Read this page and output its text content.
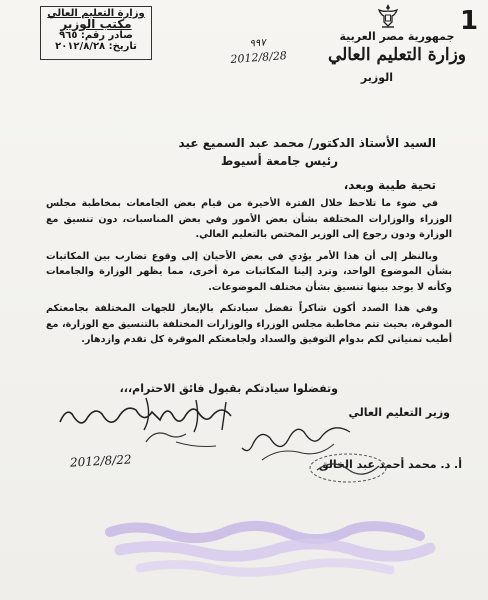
1
جمهورية مصر العربية
وزارة التعليم العالي
الوزير
وزارة التعليم العالي
مكتب الوزير
صادر رقم: ٩٦٥
تاريخ: ٢٠١٢/٨/٢٨	٩٩٧
2012/8/28
السيد الأستاذ الدكتور/ محمد عبد السميع عيد
رئيس جامعة أسيوط
تحية طيبة وبعد،

في ضوء ما تلاحظ خلال الفترة الأخيرة من قيام بعض الجامعات بمخاطبة مجلس الوزراء والوزارات المختلفة بشأن بعض الأمور وفي بعض المناسبات، دون تنسيق مع الوزارة ودون رجوع إلى الوزير المختص بالتعليم العالي.

وبالنظر إلى أن هذا الأمر يؤدي في بعض الأحيان إلى وقوع تضارب بين المكاتبات بشأن الموضوع الواحد، وترد إلينا المكاتبات مرة أخرى، مما يظهر الوزارة والجامعات وكأنه لا يوجد بينها تنسيق بشأن مختلف الموضوعات.

وفي هذا الصدد أكون شاكراً تفضل سيادتكم بالإيعاز للجهات المختلفة بجامعتكم الموقرة، بحيث تتم مخاطبة مجلس الوزراء والوزارات المختلفة بالتنسيق مع الوزارة، مع أطيب تمنياتي لكم بدوام التوفيق والسداد ولجامعتكم الموقرة كل تقدم وازدهار.

وتفضلوا سيادتكم بقبول فائق الاحترام،،،
وزير التعليم العالي
أ. د. محمد أحمد عبد الخالق
2012/8/22
